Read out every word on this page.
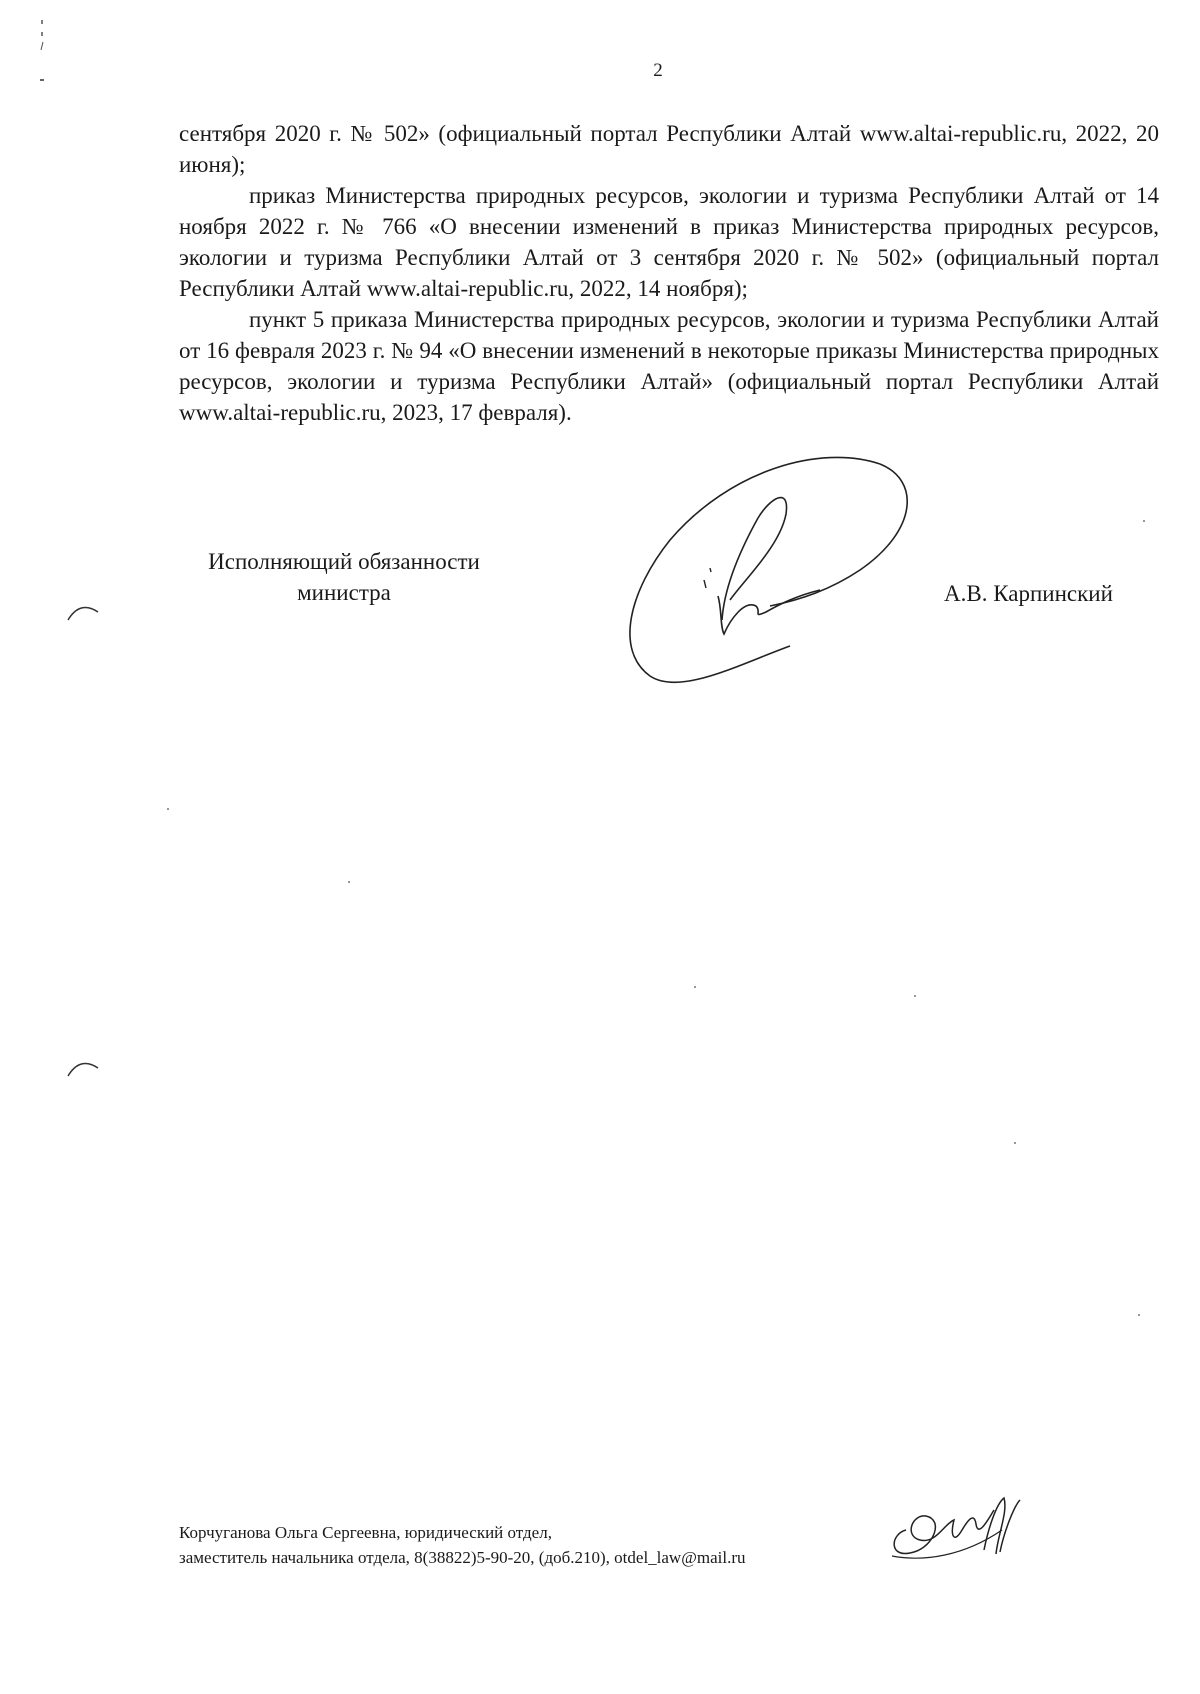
2

сентября 2020 г. № 502» (официальный портал Республики Алтай www.altai-republic.ru, 2022, 20 июня);

приказ Министерства природных ресурсов, экологии и туризма Республики Алтай от 14 ноября 2022 г. № 766 «О внесении изменений в приказ Министерства природных ресурсов, экологии и туризма Республики Алтай от 3 сентября 2020 г. № 502» (официальный портал Республики Алтай www.altai-republic.ru, 2022, 14 ноября);

пункт 5 приказа Министерства природных ресурсов, экологии и туризма Республики Алтай от 16 февраля 2023 г. № 94 «О внесении изменений в некоторые приказы Министерства природных ресурсов, экологии и туризма Республики Алтай» (официальный портал Республики Алтай www.altai-republic.ru, 2023, 17 февраля).

Исполняющий обязанности
министра	А.В. Карпинский
Корчуганова Ольга Сергеевна, юридический отдел,
заместитель начальника отдела, 8(38822)5-90-20, (доб.210), otdel_law@mail.ru
